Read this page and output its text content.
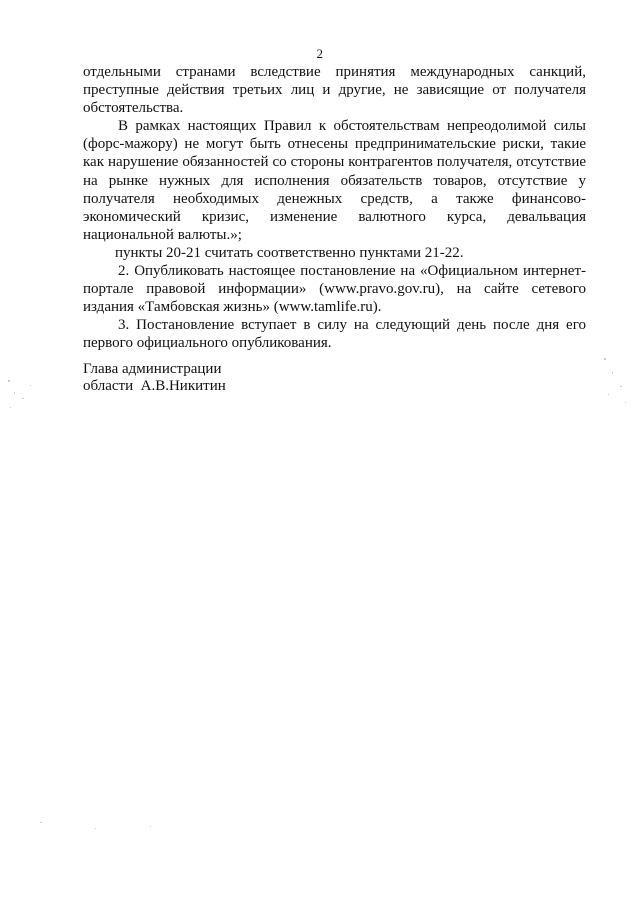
2

отдельными странами вследствие принятия международных санкций, преступные действия третьих лиц и другие, не зависящие от получателя обстоятельства.

В рамках настоящих Правил к обстоятельствам непреодолимой силы (форс-мажору) не могут быть отнесены предпринимательские риски, такие как нарушение обязанностей со стороны контрагентов получателя, отсутствие на рынке нужных для исполнения обязательств товаров, отсутствие у получателя необходимых денежных средств, а также финансово-экономический кризис, изменение валютного курса, девальвация национальной валюты.»;

пункты 20-21 считать соответственно пунктами 21-22.

2. Опубликовать настоящее постановление на «Официальном интернет-портале правовой информации» (www.pravo.gov.ru), на сайте сетевого издания «Тамбовская жизнь» (www.tamlife.ru).

3. Постановление вступает в силу на следующий день после дня его первого официального опубликования.

Глава администрации
области  А.В.Никитин
